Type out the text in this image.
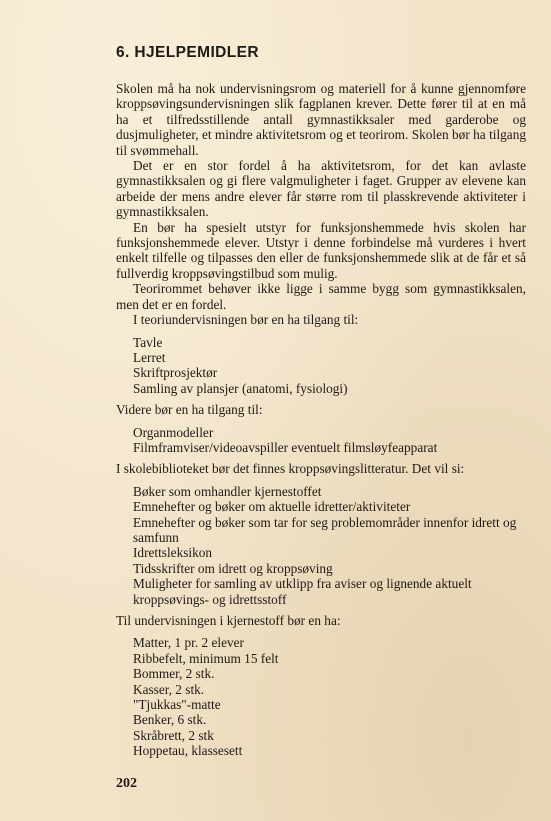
6. HJELPEMIDLER

Skolen må ha nok undervisningsrom og materiell for å kunne gjennomføre kroppsøvingsundervisningen slik fagplanen krever. Dette fører til at en må ha et tilfredsstillende antall gymnastikksaler med garderobe og dusjmuligheter, et mindre aktivitetsrom og et teorirom. Skolen bør ha tilgang til svømmehall.

Det er en stor fordel å ha aktivitetsrom, for det kan avlaste gymnastikksalen og gi flere valgmuligheter i faget. Grupper av elevene kan arbeide der mens andre elever får større rom til plasskrevende aktiviteter i gymnastikksalen.

En bør ha spesielt utstyr for funksjonshemmede hvis skolen har funksjonshemmede elever. Utstyr i denne forbindelse må vurderes i hvert enkelt tilfelle og tilpasses den eller de funksjonshemmede slik at de får et så fullverdig kroppsøvingstilbud som mulig.

Teorirommet behøver ikke ligge i samme bygg som gymnastikksalen, men det er en fordel.

I teoriundervisningen bør en ha tilgang til:

Tavle
Lerret
Skriftprosjektør
Samling av plansjer (anatomi, fysiologi)

Videre bør en ha tilgang til:

Organmodeller
Filmframviser/videoavspiller eventuelt filmsløyfeapparat

I skolebiblioteket bør det finnes kroppsøvingslitteratur. Det vil si:

Bøker som omhandler kjernestoffet
Emnehefter og bøker om aktuelle idretter/aktiviteter
Emnehefter og bøker som tar for seg problemområder innenfor idrett og samfunn
Idrettsleksikon
Tidsskrifter om idrett og kroppsøving
Muligheter for samling av utklipp fra aviser og lignende aktuelt kroppsøvings- og idrettsstoff

Til undervisningen i kjernestoff bør en ha:

Matter, 1 pr. 2 elever
Ribbefelt, minimum 15 felt
Bommer, 2 stk.
Kasser, 2 stk.
"Tjukkas"-matte
Benker, 6 stk.
Skråbrett, 2 stk
Hoppetau, klassesett
202
